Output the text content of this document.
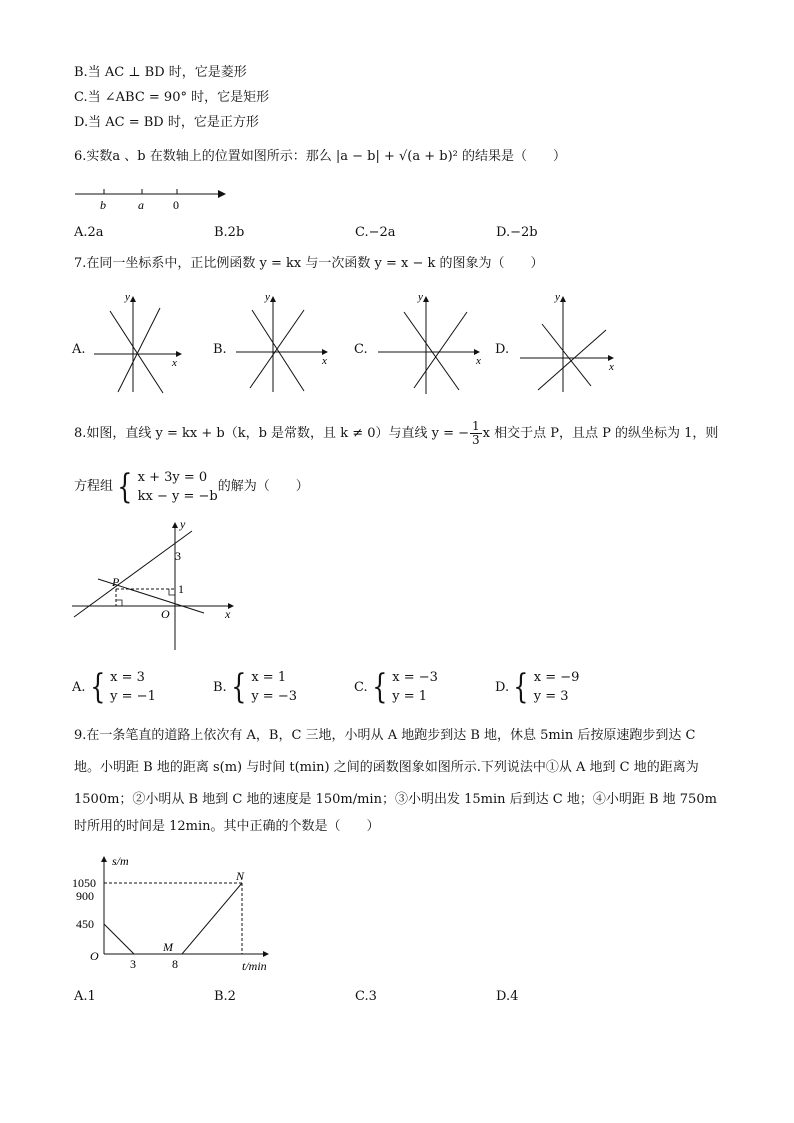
B.当 AC ⊥ BD 时，它是菱形
C.当 ∠ABC = 90° 时，它是矩形
D.当 AC = BD 时，它是正方形
6.实数a 、b 在数轴上的位置如图所示：那么 |a − b| + √(a + b)² 的结果是（　　）
b	a 0
A.2a	B.2b	C.−2a	D.−2b
7.在同一坐标系中，正比例函数 y = kx 与一次函数 y = x − k 的图象为（　　）
A.
y
x
B.
y
x
C.
y
x
D.
y
x
8.如图，直线 y = kx + b（k，b 是常数，且 k ≠ 0）与直线 y = − $\frac{1}{3}$ x 相交于点 P，且点 P 的纵坐标为 1，则
方程组 { x + 3y = 0
kx − y = −b
的解为（　　）
y
x
P
O
3
1
A. { x = 3
y = −1
B. { x = 1
y = −3
C. { x = −3
y = 1
D. { x = −9
y = 3
9.在一条笔直的道路上依次有 A，B，C 三地，小明从 A 地跑步到达 B 地，休息 5min 后按原速跑步到达 C
地。小明距 B 地的距离 s(m) 与时间 t(min) 之间的函数图象如图所示.下列说法中①从 A 地到 C 地的距离为
1500m；②小明从 B 地到 C 地的速度是 150m/min；③小明出发 15min 后到达 C 地；④小明距 B 地 750m
时所用的时间是 12min。其中正确的个数是（　　）
s/m
t/min
O
1050
900
450
3	8
M
N
A.1	B.2	C.3	D.4
